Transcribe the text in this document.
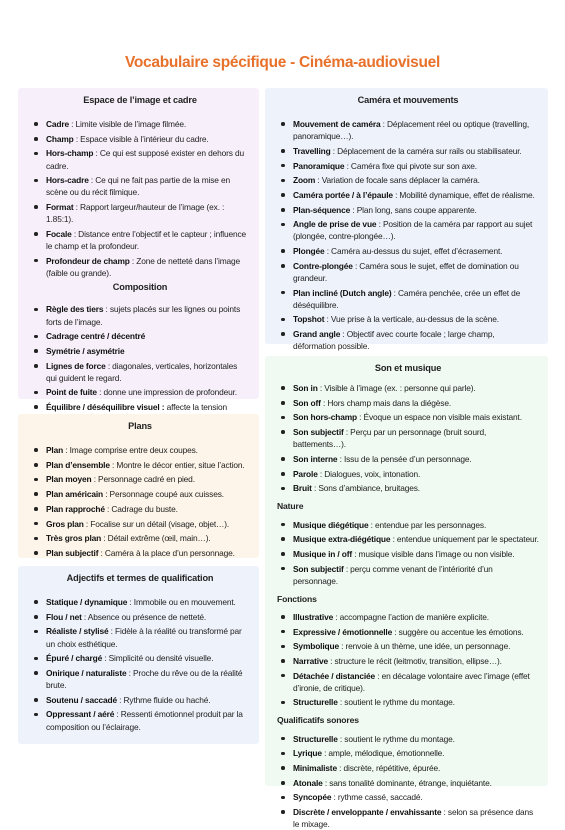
Vocabulaire spécifique - Cinéma-audiovisuel
Espace de l’image et cadre
Cadre : Limite visible de l’image filmée.
Champ : Espace visible à l’intérieur du cadre.
Hors-champ : Ce qui est supposé exister en dehors du cadre.
Hors-cadre : Ce qui ne fait pas partie de la mise en scène ou du récit filmique.
Format : Rapport largeur/hauteur de l’image (ex. : 1.85:1).
Focale : Distance entre l’objectif et le capteur ; influence le champ et la profondeur.
Profondeur de champ : Zone de netteté dans l’image (faible ou grande).
Composition
Règle des tiers : sujets placés sur les lignes ou points forts de l’image.
Cadrage centré / décentré
Symétrie / asymétrie
Lignes de force : diagonales, verticales, horizontales qui guident le regard.
Point de fuite : donne une impression de profondeur.
Équilibre / déséquilibre visuel : affecte la tension
Caméra et mouvements
Mouvement de caméra : Déplacement réel ou optique (travelling, panoramique…).
Travelling : Déplacement de la caméra sur rails ou stabilisateur.
Panoramique : Caméra fixe qui pivote sur son axe.
Zoom : Variation de focale sans déplacer la caméra.
Caméra portée / à l’épaule : Mobilité dynamique, effet de réalisme.
Plan-séquence : Plan long, sans coupe apparente.
Angle de prise de vue : Position de la caméra par rapport au sujet (plongée, contre-plongée…).
Plongée : Caméra au-dessus du sujet, effet d’écrasement.
Contre-plongée : Caméra sous le sujet, effet de domination ou grandeur.
Plan incliné (Dutch angle) : Caméra penchée, crée un effet de déséquilibre.
Topshot : Vue prise à la verticale, au-dessus de la scène.
Grand angle : Objectif avec courte focale ; large champ, déformation possible.
Plans
Plan : Image comprise entre deux coupes.
Plan d’ensemble : Montre le décor entier, situe l’action.
Plan moyen : Personnage cadré en pied.
Plan américain : Personnage coupé aux cuisses.
Plan rapproché : Cadrage du buste.
Gros plan : Focalise sur un détail (visage, objet…).
Très gros plan : Détail extrême (œil, main…).
Plan subjectif : Caméra à la place d’un personnage.
Adjectifs et termes de qualification
Statique / dynamique : Immobile ou en mouvement.
Flou / net : Absence ou présence de netteté.
Réaliste / stylisé : Fidèle à la réalité ou transformé par un choix esthétique.
Épuré / chargé : Simplicité ou densité visuelle.
Onirique / naturaliste : Proche du rêve ou de la réalité brute.
Soutenu / saccadé : Rythme fluide ou haché.
Oppressant / aéré : Ressenti émotionnel produit par la composition ou l’éclairage.
Son et musique
Son in : Visible à l’image (ex. : personne qui parle).
Son off : Hors champ mais dans la diégèse.
Son hors-champ : Évoque un espace non visible mais existant.
Son subjectif : Perçu par un personnage (bruit sourd, battements…).
Son interne : Issu de la pensée d’un personnage.
Parole : Dialogues, voix, intonation.
Bruit : Sons d’ambiance, bruitages.
Nature
Musique diégétique : entendue par les personnages.
Musique extra-diégétique : entendue uniquement par le spectateur.
Musique in / off : musique visible dans l’image ou non visible.
Son subjectif : perçu comme venant de l’intériorité d’un personnage.
Fonctions
Illustrative : accompagne l’action de manière explicite.
Expressive / émotionnelle : suggère ou accentue les émotions.
Symbolique : renvoie à un thème, une idée, un personnage.
Narrative : structure le récit (leitmotiv, transition, ellipse…).
Détachée / distanciée : en décalage volontaire avec l’image (effet d’ironie, de critique).
Structurelle : soutient le rythme du montage.
Qualificatifs sonores
Structurelle : soutient le rythme du montage.
Lyrique : ample, mélodique, émotionnelle.
Minimaliste : discrète, répétitive, épurée.
Atonale : sans tonalité dominante, étrange, inquiétante.
Syncopée : rythme cassé, saccadé.
Discrète / enveloppante / envahissante : selon sa présence dans le mixage.
